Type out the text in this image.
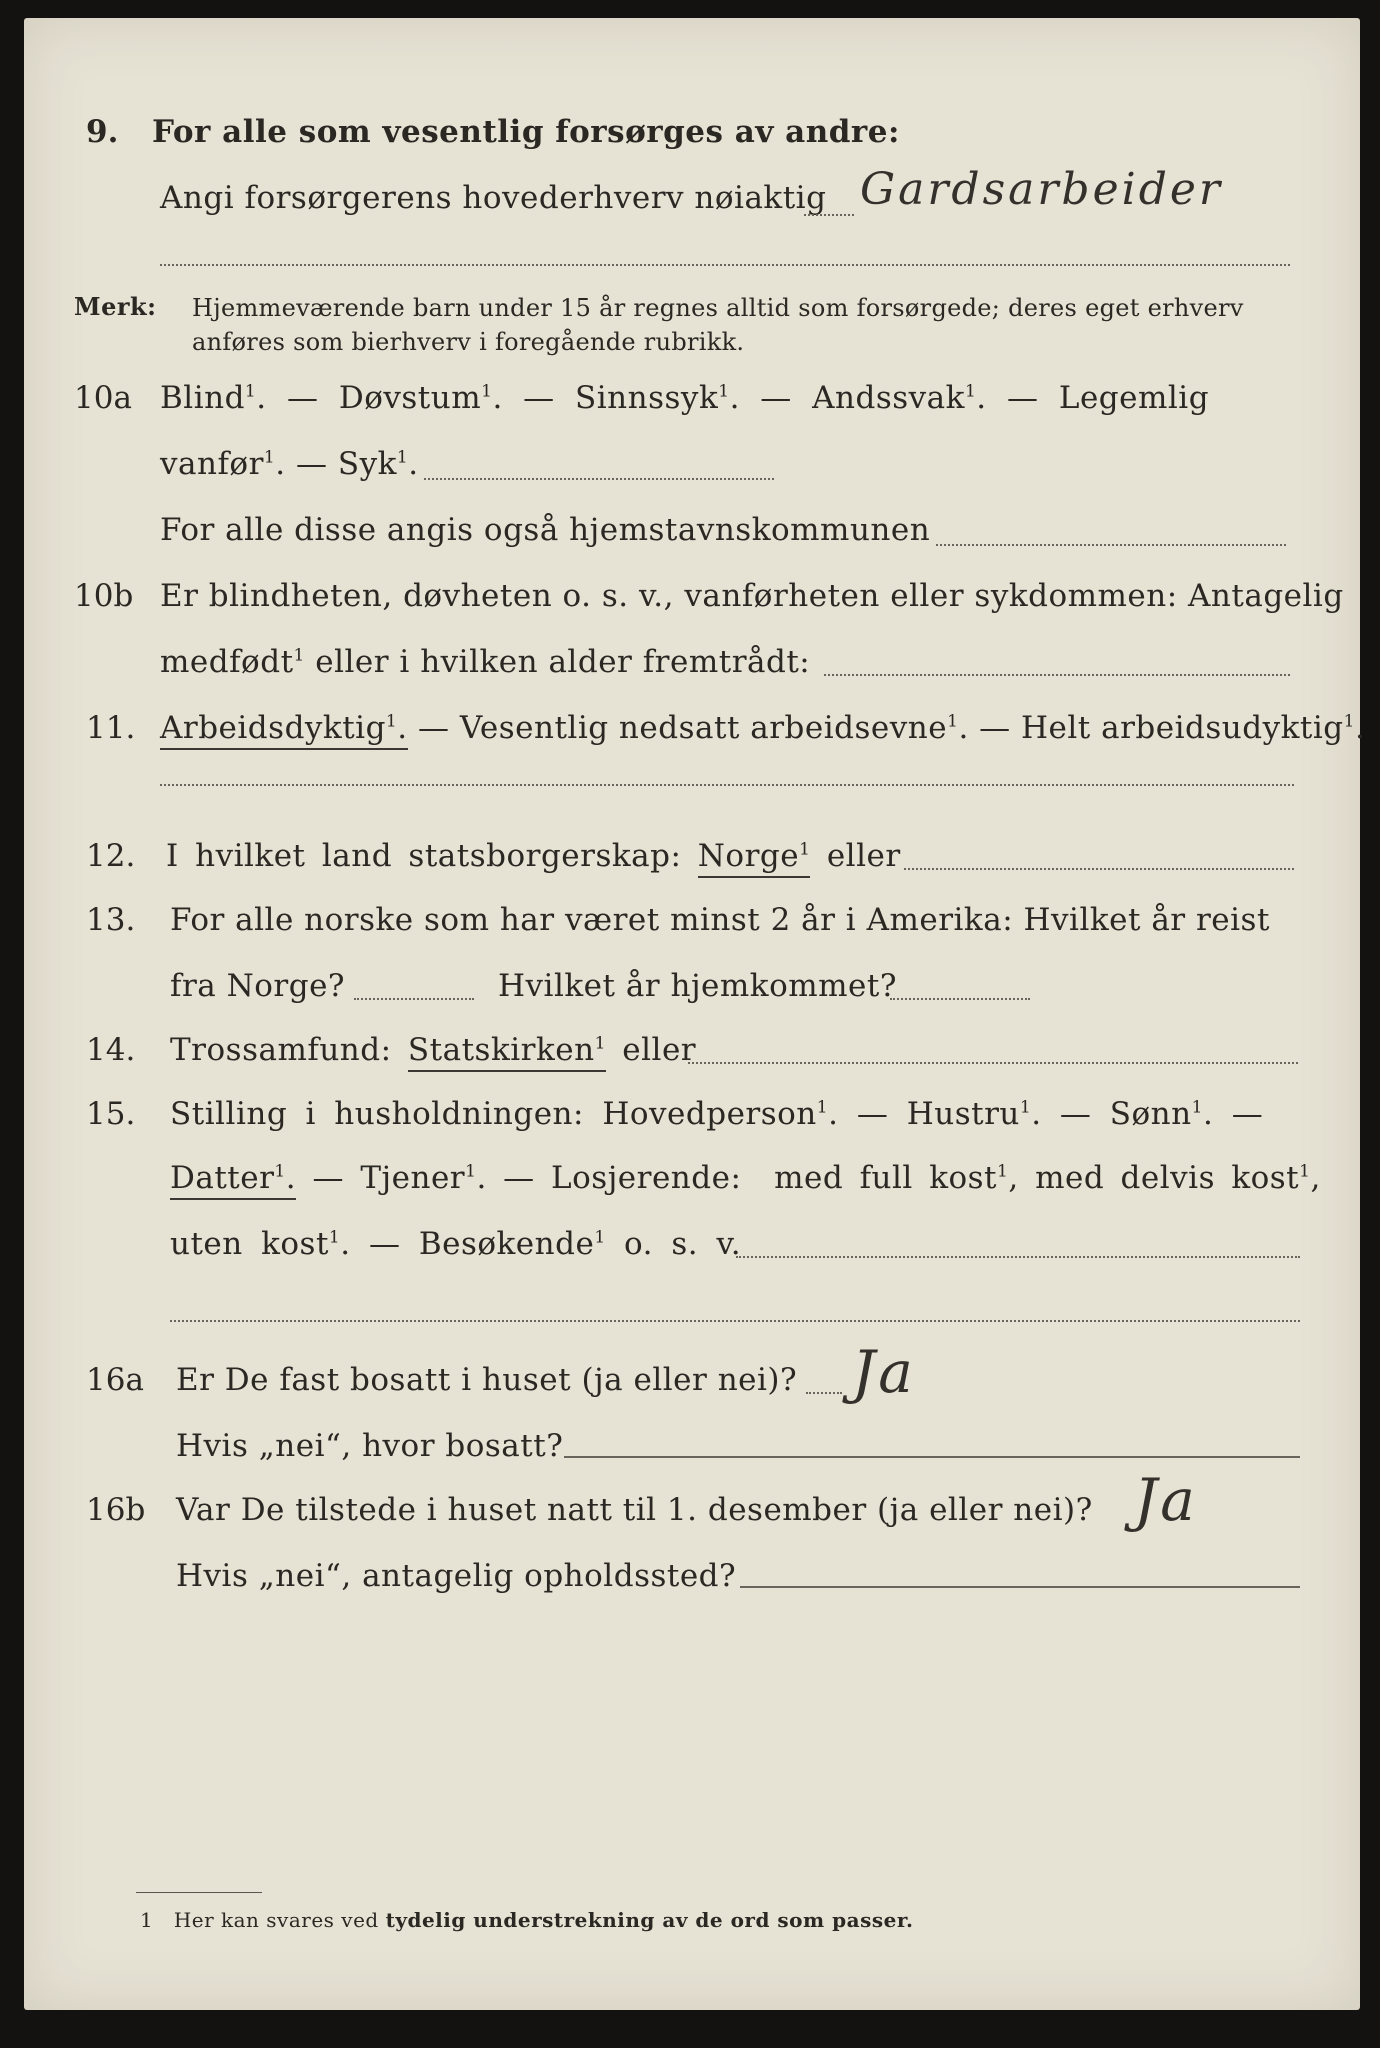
9. For alle som vesentlig forsørges av andre:
Angi forsørgerens hovederhverv nøiaktig Gardsarbeider
Merk: Hjemmeværende barn under 15 år regnes alltid som forsørgede; deres eget erhverv
anføres som bierhverv i foregående rubrikk.
10a Blind$^1$. — Døvstum$^1$. — Sinnssyk$^1$. — Andssvak$^1$. — Legemlig
vanfør$^1$. — Syk$^1$.
For alle disse angis også hjemstavnskommunen
10b Er blindheten, døvheten o. s. v., vanførheten eller sykdommen: Antagelig
medfødt$^1$ eller i hvilken alder fremtrådt:
11. Arbeidsdyktig$^1$. — Vesentlig nedsatt arbeidsevne$^1$. — Helt arbeidsudyktig$^1$.
12. I hvilket land statsborgerskap: Norge$^1$ eller
13. For alle norske som har været minst 2 år i Amerika: Hvilket år reist
fra Norge?	Hvilket år hjemkommet?
14. Trossamfund: Statskirken$^1$ eller
15. Stilling i husholdningen: Hovedperson$^1$. — Hustru$^1$. — Sønn$^1$. —
Datter$^1$. — Tjener$^1$. — Losjerende: med full kost$^1$, med delvis kost$^1$,
uten kost$^1$. — Besøkende$^1$ o. s. v.
16a Er De fast bosatt i huset (ja eller nei)? Ja
Hvis „nei“, hvor bosatt?
16b Var De tilstede i huset natt til 1. desember (ja eller nei)? Ja
Hvis „nei“, antagelig opholdssted?
1 Her kan svares ved tydelig understrekning av de ord som passer.
